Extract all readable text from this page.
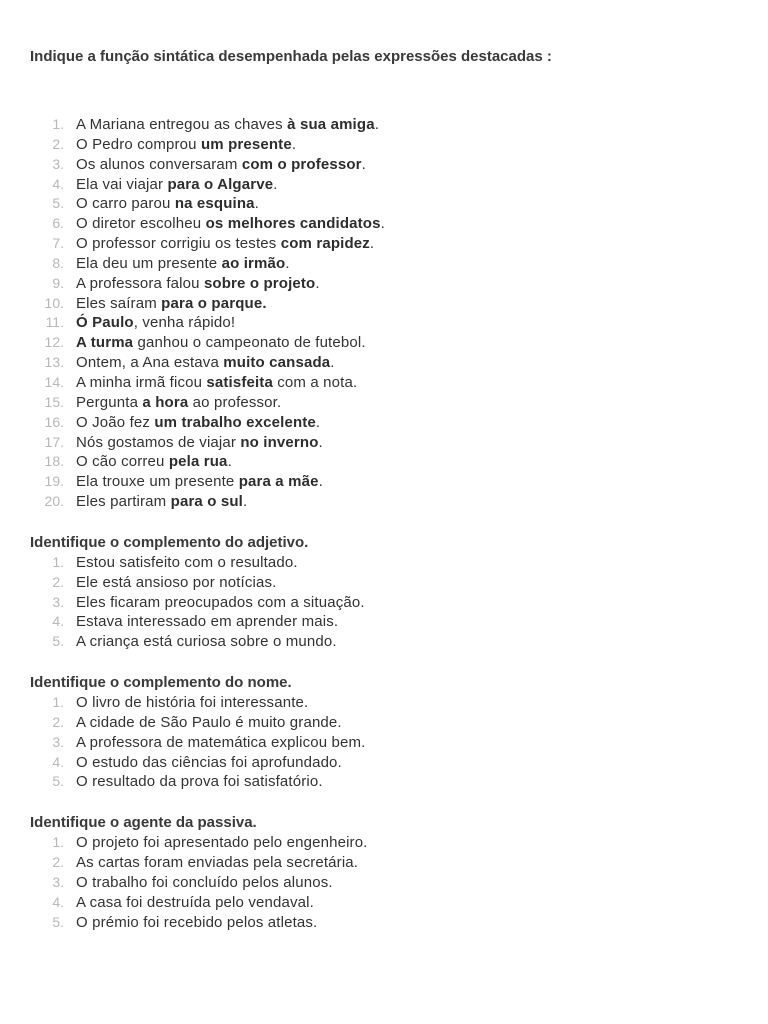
Indique a função sintática desempenhada pelas expressões destacadas :
1. A Mariana entregou as chaves à sua amiga.
2. O Pedro comprou um presente.
3. Os alunos conversaram com o professor.
4. Ela vai viajar para o Algarve.
5. O carro parou na esquina.
6. O diretor escolheu os melhores candidatos.
7. O professor corrigiu os testes com rapidez.
8. Ela deu um presente ao irmão.
9. A professora falou sobre o projeto.
10. Eles saíram para o parque.
11. Ó Paulo, venha rápido!
12. A turma ganhou o campeonato de futebol.
13. Ontem, a Ana estava muito cansada.
14. A minha irmã ficou satisfeita com a nota.
15. Pergunta a hora ao professor.
16. O João fez um trabalho excelente.
17. Nós gostamos de viajar no inverno.
18. O cão correu pela rua.
19. Ela trouxe um presente para a mãe.
20. Eles partiram para o sul.
Identifique o complemento do adjetivo.
1. Estou satisfeito com o resultado.
2. Ele está ansioso por notícias.
3. Eles ficaram preocupados com a situação.
4. Estava interessado em aprender mais.
5. A criança está curiosa sobre o mundo.
Identifique o complemento do nome.
1. O livro de história foi interessante.
2. A cidade de São Paulo é muito grande.
3. A professora de matemática explicou bem.
4. O estudo das ciências foi aprofundado.
5. O resultado da prova foi satisfatório.
Identifique o agente da passiva.
1. O projeto foi apresentado pelo engenheiro.
2. As cartas foram enviadas pela secretária.
3. O trabalho foi concluído pelos alunos.
4. A casa foi destruída pelo vendaval.
5. O prémio foi recebido pelos atletas.
